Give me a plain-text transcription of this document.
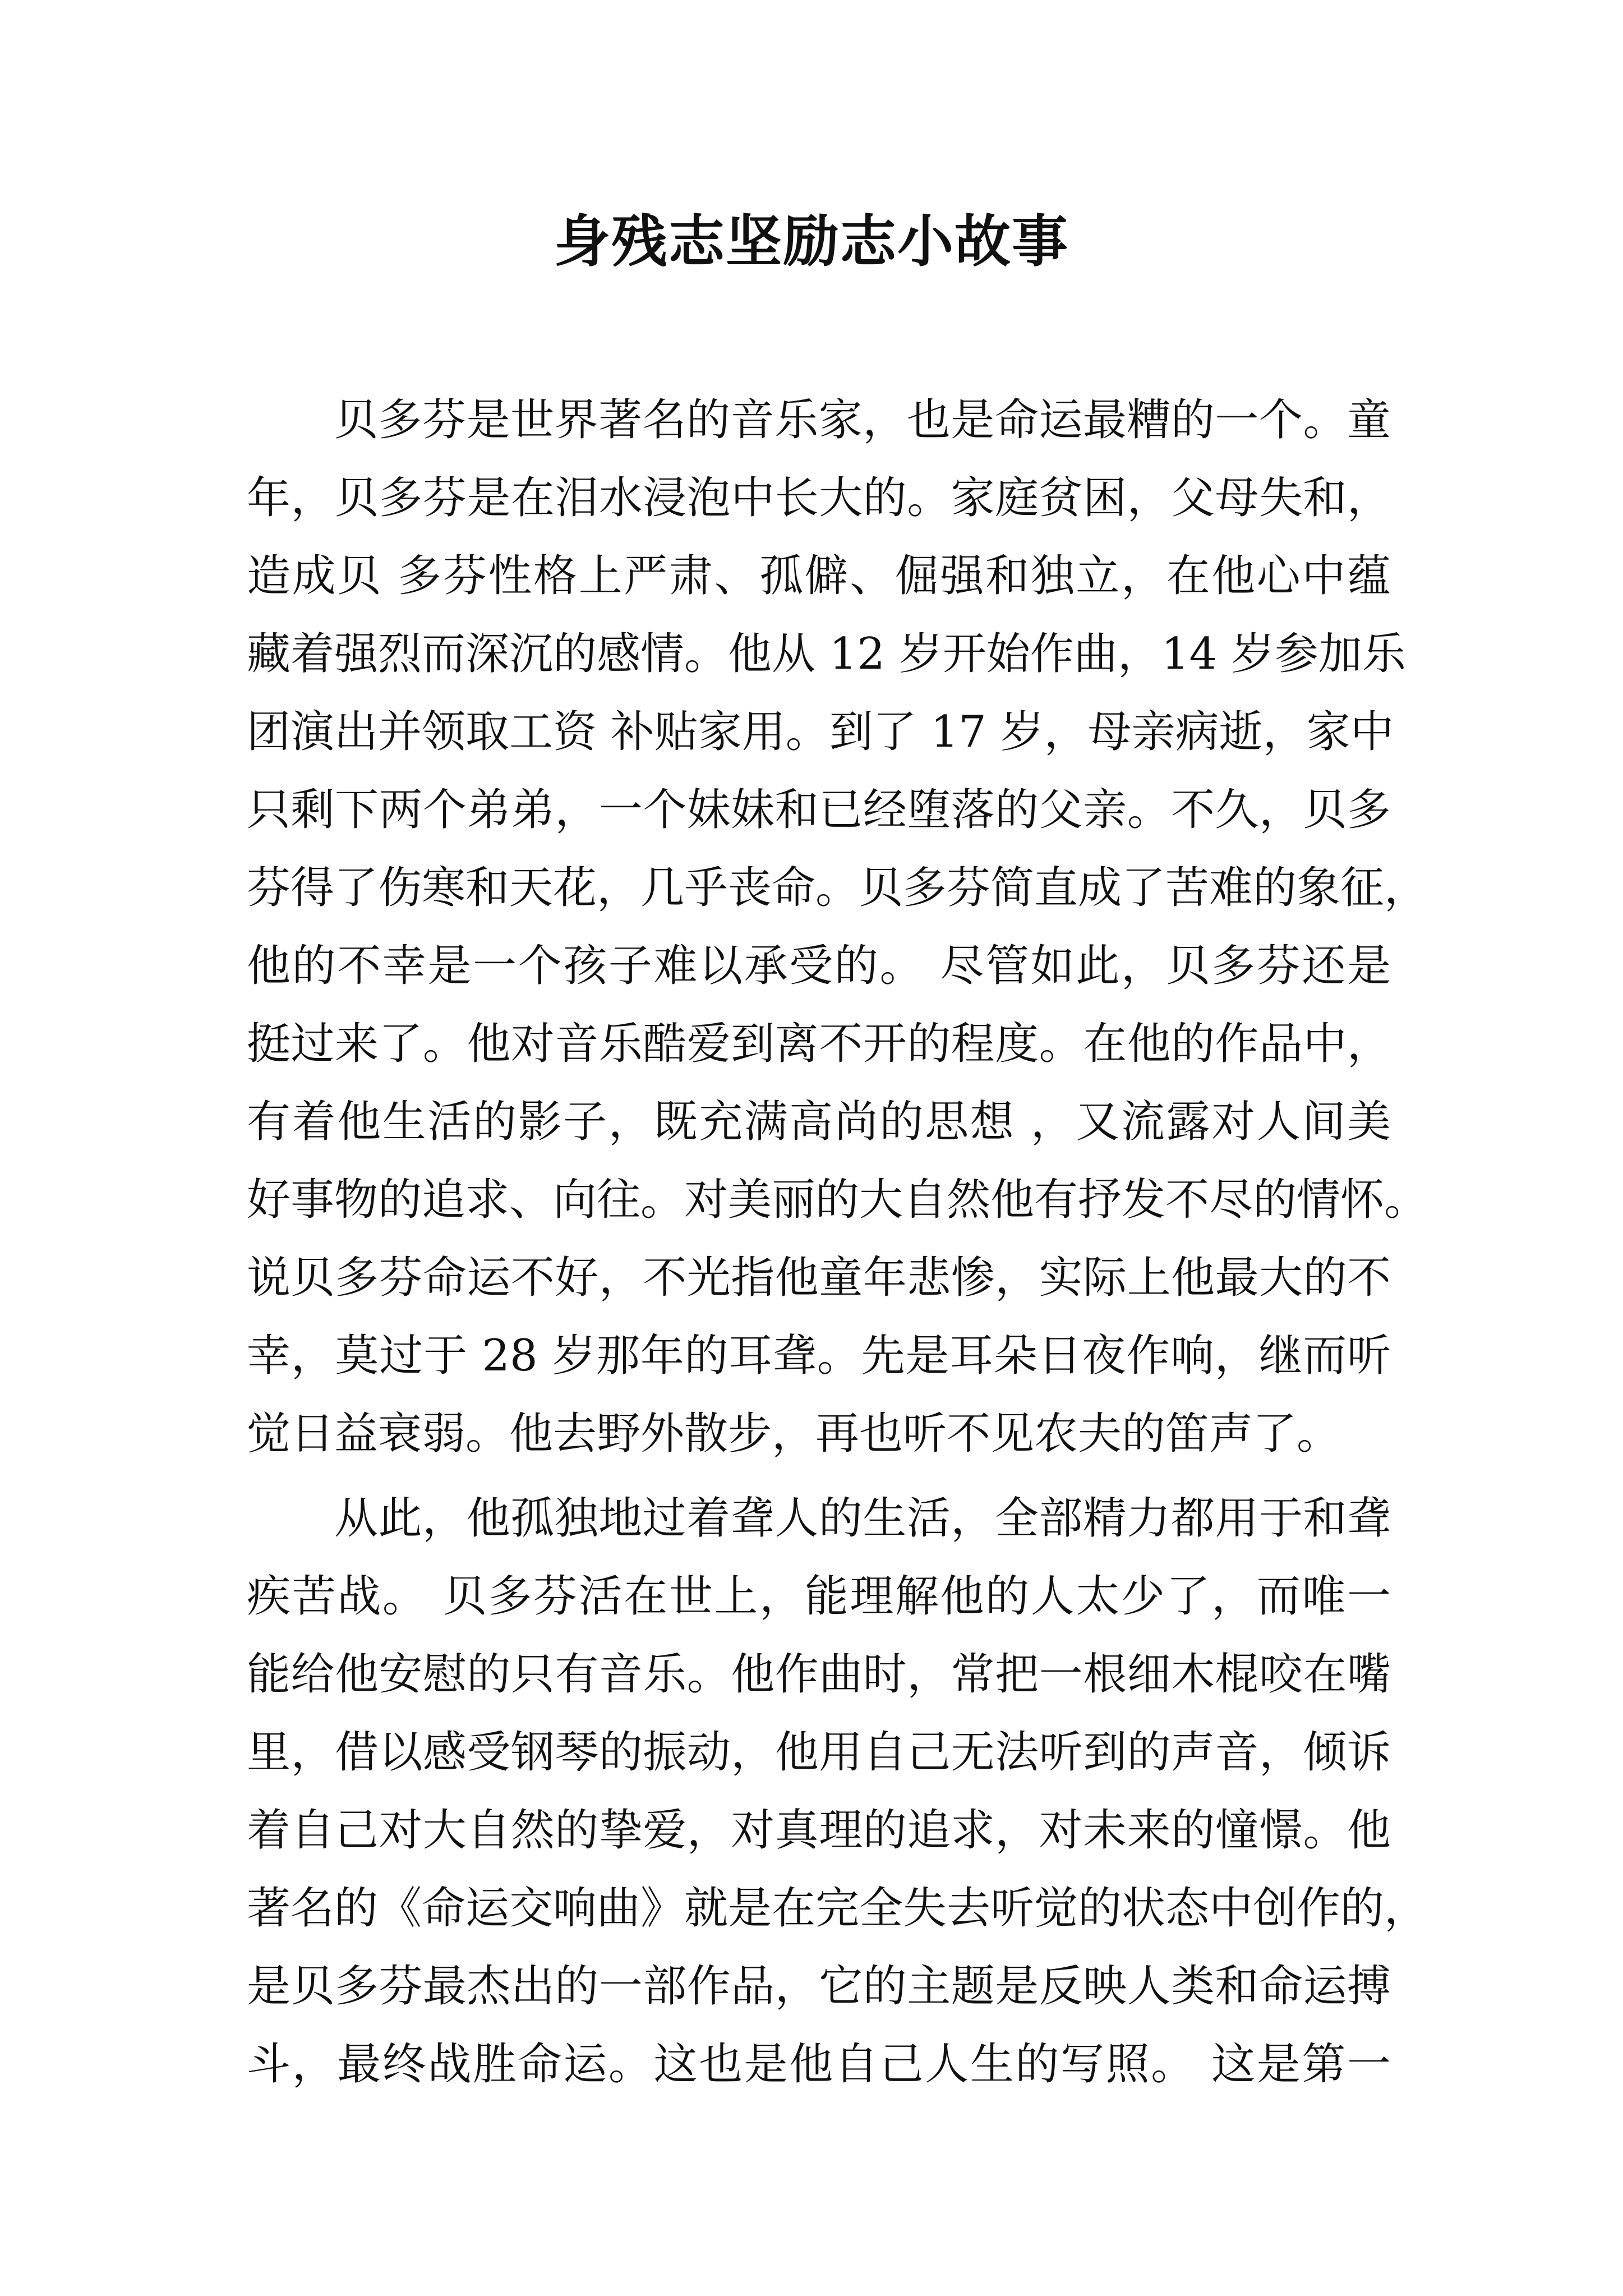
身残志坚励志小故事
贝多芬是世界著名的音乐家，也是命运最糟的一个。童
年，贝多芬是在泪水浸泡中长大的。家庭贫困，父母失和，
造成贝 多芬性格上严肃、孤僻、倔强和独立，在他心中蕴
藏着强烈而深沉的感情。他从 12 岁开始作曲，14 岁参加乐
团演出并领取工资 补贴家用。到了 17 岁，母亲病逝，家中
只剩下两个弟弟，一个妹妹和已经堕落的父亲。不久，贝多
芬得了伤寒和天花，几乎丧命。贝多芬简直成了苦难的象征，
他的不幸是一个孩子难以承受的。 尽管如此，贝多芬还是
挺过来了。他对音乐酷爱到离不开的程度。在他的作品中，
有着他生活的影子，既充满高尚的思想 ，又流露对人间美
好事物的追求、向往。对美丽的大自然他有抒发不尽的情怀。
说贝多芬命运不好，不光指他童年悲惨，实际上他最大的不
幸，莫过于 28 岁那年的耳聋。先是耳朵日夜作响，继而听
觉日益衰弱。他去野外散步，再也听不见农夫的笛声了。
从此，他孤独地过着聋人的生活，全部精力都用于和聋
疾苦战。 贝多芬活在世上，能理解他的人太少了，而唯一
能给他安慰的只有音乐。他作曲时，常把一根细木棍咬在嘴
里，借以感受钢琴的振动，他用自己无法听到的声音，倾诉
着自己对大自然的挚爱，对真理的追求，对未来的憧憬。他
著名的《命运交响曲》就是在完全失去听觉的状态中创作的，
是贝多芬最杰出的一部作品，它的主题是反映人类和命运搏
斗，最终战胜命运。这也是他自己人生的写照。 这是第一
